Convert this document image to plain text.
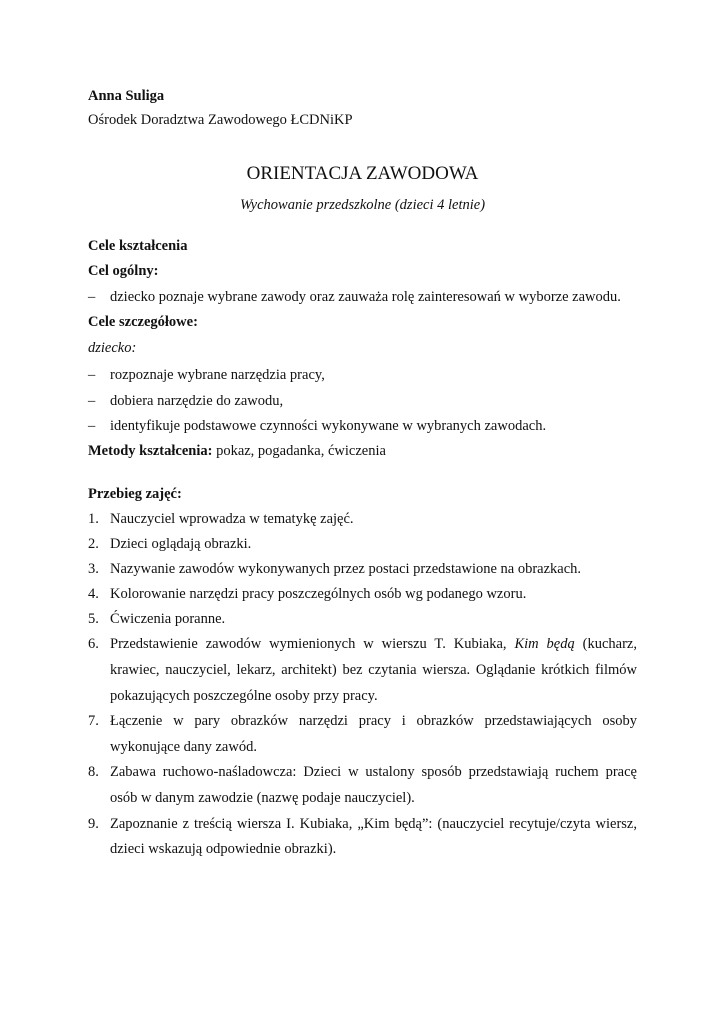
Anna Suliga
Ośrodek Doradztwa Zawodowego ŁCDNiKP
ORIENTACJA ZAWODOWA
Wychowanie przedszkolne (dzieci 4 letnie)
Cele kształcenia
Cel ogólny:
– dziecko poznaje wybrane zawody oraz zauważa rolę zainteresowań w wyborze zawodu.
Cele szczegółowe:
dziecko:
– rozpoznaje wybrane narzędzia pracy,
– dobiera narzędzie do zawodu,
– identyfikuje podstawowe czynności wykonywane w wybranych zawodach.
Metody kształcenia: pokaz, pogadanka, ćwiczenia
Przebieg zajęć:
1. Nauczyciel wprowadza w tematykę zajęć.
2. Dzieci oglądają obrazki.
3. Nazywanie zawodów wykonywanych przez postaci przedstawione na obrazkach.
4. Kolorowanie narzędzi pracy poszczególnych osób wg podanego wzoru.
5. Ćwiczenia poranne.
6. Przedstawienie zawodów wymienionych w wierszu T. Kubiaka, Kim będą (kucharz,
krawiec, nauczyciel, lekarz, architekt) bez czytania wiersza. Oglądanie krótkich filmów
pokazujących poszczególne osoby przy pracy.
7. Łączenie w pary obrazków narzędzi pracy i obrazków przedstawiających osoby
wykonujące dany zawód.
8. Zabawa ruchowo-naśladowcza: Dzieci w ustalony sposób przedstawiają ruchem pracę
osób w danym zawodzie (nazwę podaje nauczyciel).
9. Zapoznanie z treścią wiersza I. Kubiaka, „Kim będą”: (nauczyciel recytuje/czyta wiersz,
dzieci wskazują odpowiednie obrazki).
